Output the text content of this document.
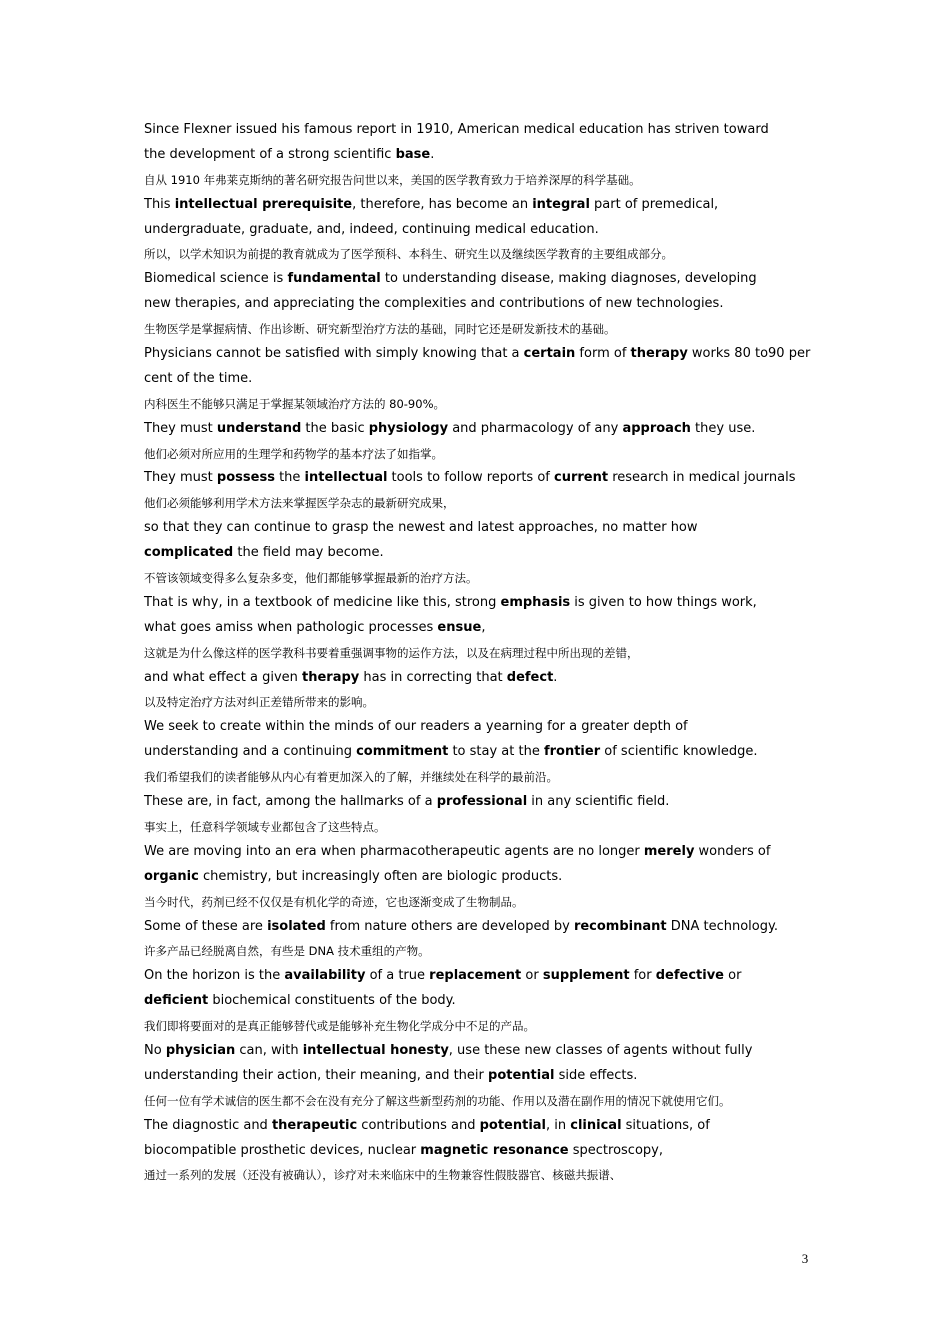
Since Flexner issued his famous report in 1910, American medical education has striven toward
the development of a strong scientific base.
自从 1910 年弗莱克斯纳的著名研究报告问世以来，美国的医学教育致力于培养深厚的科学基础。
This intellectual prerequisite, therefore, has become an integral part of premedical,
undergraduate, graduate, and, indeed, continuing medical education.
所以，以学术知识为前提的教育就成为了医学预科、本科生、研究生以及继续医学教育的主要组成部分。
Biomedical science is fundamental to understanding disease, making diagnoses, developing
new therapies, and appreciating the complexities and contributions of new technologies.
生物医学是掌握病情、作出诊断、研究新型治疗方法的基础，同时它还是研发新技术的基础。
Physicians cannot be satisfied with simply knowing that a certain form of therapy works 80 to90 per
cent of the time.
内科医生不能够只满足于掌握某领域治疗方法的 80-90%。
They must understand the basic physiology and pharmacology of any approach they use.
他们必须对所应用的生理学和药物学的基本疗法了如指掌。
They must possess the intellectual tools to follow reports of current research in medical journals
他们必须能够利用学术方法来掌握医学杂志的最新研究成果，
so that they can continue to grasp the newest and latest approaches, no matter how
complicated the field may become.
不管该领域变得多么复杂多变，他们都能够掌握最新的治疗方法。
That is why, in a textbook of medicine like this, strong emphasis is given to how things work,
what goes amiss when pathologic processes ensue,
这就是为什么像这样的医学教科书要着重强调事物的运作方法，以及在病理过程中所出现的差错，
and what effect a given therapy has in correcting that defect.
以及特定治疗方法对纠正差错所带来的影响。
We seek to create within the minds of our readers a yearning for a greater depth of
understanding and a continuing commitment to stay at the frontier of scientific knowledge.
我们希望我们的读者能够从内心有着更加深入的了解，并继续处在科学的最前沿。
These are, in fact, among the hallmarks of a professional in any scientific field.
事实上，任意科学领域专业都包含了这些特点。
We are moving into an era when pharmacotherapeutic agents are no longer merely wonders of
organic chemistry, but increasingly often are biologic products.
当今时代，药剂已经不仅仅是有机化学的奇迹，它也逐渐变成了生物制品。
Some of these are isolated from nature others are developed by recombinant DNA technology.
许多产品已经脱离自然，有些是 DNA 技术重组的产物。
On the horizon is the availability of a true replacement or supplement for defective or
deficient biochemical constituents of the body.
我们即将要面对的是真正能够替代或是能够补充生物化学成分中不足的产品。
No physician can, with intellectual honesty, use these new classes of agents without fully
understanding their action, their meaning, and their potential side effects.
任何一位有学术诚信的医生都不会在没有充分了解这些新型药剂的功能、作用以及潜在副作用的情况下就使用它们。
The diagnostic and therapeutic contributions and potential, in clinical situations, of
biocompatible prosthetic devices, nuclear magnetic resonance spectroscopy,
通过一系列的发展（还没有被确认），诊疗对未来临床中的生物兼容性假肢器官、核磁共振谱、
3
